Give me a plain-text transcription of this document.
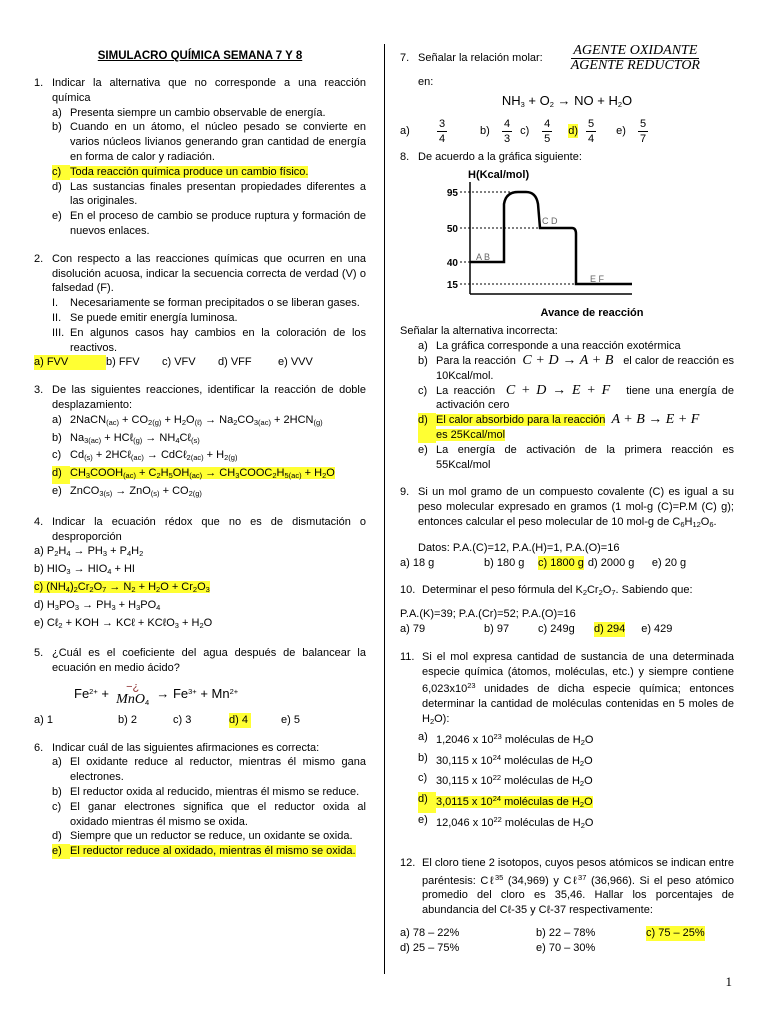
SIMULACRO QUÍMICA SEMANA 7 Y 8
1. Indicar la alternativa que no corresponde a una reacción química
a) Presenta siempre un cambio observable de energía.
b) Cuando en un átomo, el núcleo pesado se convierte en varios núcleos livianos generando gran cantidad de energía en forma de calor y radiación.
c) Toda reacción química produce un cambio físico.
d) Las sustancias finales presentan propiedades diferentes a las originales.
e) En el proceso de cambio se produce ruptura y formación de nuevos enlaces.
2. Con respecto a las reacciones químicas que ocurren en una disolución acuosa, indicar la secuencia correcta de verdad (V) o falsedad (F).
I.	Necesariamente se forman precipitados o se liberan gases.
II. Se puede emitir energía luminosa.
III. En algunos casos hay cambios en la coloración de los reactivos.
a) FVV	b) FFV	c) VFV	d) VFF	e) VVV
3. De las siguientes reacciones, identificar la reacción de doble desplazamiento:
a) 2NaCN$_{(ac)}$ + $CO_{2(g)} + H_2O_{(\ell)} \to Na_2CO_{3(ac)} + 2HCN_{(g)}$
b) $Na_{3(ac)}$ + HCℓ$_{(g)}$ → $NH_4C\ell_{(s)}$
c) $Cd_{(s)}$ + 2HCℓ$_{(ac)}$ → CdCℓ$_{2(ac)}$ + $H_{2(g)}$
d) $CH_3COOH_{(ac)} + C_2H_5OH_{(ac)}$ → $CH_3COOC_2H_{5(ac)} + H_2O$
e) ZnCO$_{3(s)}$ → $ZnO_{(s)} + CO_{2(g)}$
4. Indicar la ecuación rédox que no es de dismutación o desproporción
a) $P_2H_4 \to PH_3 + P_4H_2$
b) $HIO_3 \to HIO_4$ + HI
c) $(NH_4)_2Cr_2O_7 \to N_2 + H_2O + Cr_2O_3$
d) $H_3PO_3 \to PH_3 + H_3PO_4$
e) Cℓ$_2$ + KOH → KCℓ + KCℓO$_3$ + $H_2O$
5. ¿Cuál es el coeficiente del agua después de balancear la ecuación en medio ácido?
$Fe^{2+}$ +  −¿
$MnO_4 \to Fe^{3+} + Mn^{2+}$
a) 1	b) 2	c) 3	d) 4	e) 5
6. Indicar cuál de las siguientes afirmaciones es correcta:
a) El oxidante reduce al reductor, mientras él mismo gana electrones.
b) El reductor oxida al reducido, mientras él mismo se reduce.
c) El ganar electrones significa que el reductor oxida al oxidado mientras él mismo se oxida.
d) Siempre que un reductor se reduce, un oxidante se oxida.
e) El reductor reduce al oxidado, mientras él mismo se oxida.
7. Señalar la relación molar: $\frac{\text{AGENTE OXIDANTE}}{\text{AGENTE REDUCTOR}}$
en:
$NH_3 + O_2$ → NO + $H_2O$
a)	$\frac{3}{4} b$)	$\frac{4}{3} c$)	$\frac{4}{5} d) \frac{5}{4} e) \frac{5}{7}$
8. De acuerdo a la gráfica siguiente:
H(Kcal/mol)
95
50
40
15
A B
C D
E F
Avance de reacción
Señalar la alternativa incorrecta:
a) La gráfica corresponde a una reacción exotérmica
b) Para la reacción C + D → A + B el calor de reacción es 10Kcal/mol.
c) La reacción C + D → E + F tiene una energía de activación cero
d) El calor absorbido para la reacción A + B → E + F
es 25Kcal/mol
e) La energía de activación de la primera reacción es 55Kcal/mol
9. Si un mol gramo de un compuesto covalente (C) es igual a su peso molecular expresado en gramos (1 mol-g (C)=P.M (C) g); entonces calcular el peso molecular de 10 mol-g de $C_6H_{12}O_6$.
Datos: P.A.(C)=12, P.A.(H)=1, P.A.(O)=16
a) 18 g	b) 180 g	c) 1800 g d) 2000 g	e) 20 g
10. Determinar el peso fórmula del $K_2Cr_2O_7$. Sabiendo que:
P.A.(K)=39; P.A.(Cr)=52; P.A.(O)=16
a) 79	b) 97	c) 249g	d) 294 e) 429
11. Si el mol expresa cantidad de sustancia de una determinada especie química (átomos, moléculas, etc.) y siempre contiene $6,023x10^{23}$ unidades de dicha especie química; entonces determinar la cantidad de moléculas contenidas en 5 moles de $H_2O$):
a) 1,2046 x $10^{23}$ moléculas de $H_2O$
b) 30,115 x $10^{24}$ moléculas de $H_2O$
c) 30,115 x $10^{22}$ moléculas de $H_2O$
d) 3,0115 x $10^{24}$ moléculas de $H_2O$
e) 12,046 x $10^{22}$ moléculas de $H_2O$
12. El cloro tiene 2 isotopos, cuyos pesos atómicos se indican entre paréntesis: Cℓ$^{35}$ (34,969) y Cℓ$^{37}$ (36,966). Si el peso atómico promedio del cloro es 35,46. Hallar los porcentajes de abundancia del Cℓ-35 y Cℓ-37 respectivamente:
a) 78 – 22%	b) 22 – 78%	c) 75 – 25%
d) 25 – 75%	e) 70 – 30%
1
